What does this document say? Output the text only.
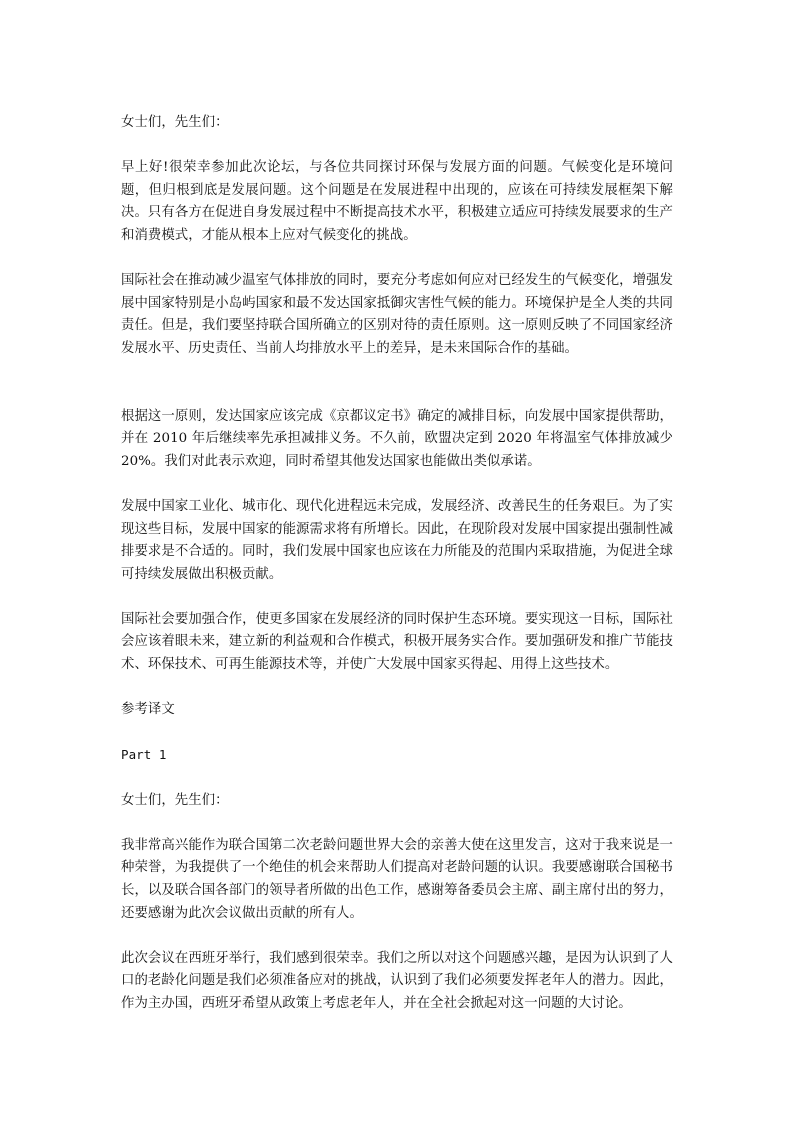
女士们，先生们：

早上好!很荣幸参加此次论坛，与各位共同探讨环保与发展方面的问题。气候变化是环境问题，但归根到底是发展问题。这个问题是在发展进程中出现的，应该在可持续发展框架下解决。只有各方在促进自身发展过程中不断提高技术水平，积极建立适应可持续发展要求的生产和消费模式，才能从根本上应对气候变化的挑战。

国际社会在推动减少温室气体排放的同时，要充分考虑如何应对已经发生的气候变化，增强发展中国家特别是小岛屿国家和最不发达国家抵御灾害性气候的能力。环境保护是全人类的共同责任。但是，我们要坚持联合国所确立的区别对待的责任原则。这一原则反映了不同国家经济发展水平、历史责任、当前人均排放水平上的差异，是未来国际合作的基础。

根据这一原则，发达国家应该完成《京都议定书》确定的减排目标，向发展中国家提供帮助，并在 2010 年后继续率先承担减排义务。不久前，欧盟决定到 2020 年将温室气体排放减少 20%。我们对此表示欢迎，同时希望其他发达国家也能做出类似承诺。

发展中国家工业化、城市化、现代化进程远未完成，发展经济、改善民生的任务艰巨。为了实现这些目标，发展中国家的能源需求将有所增长。因此，在现阶段对发展中国家提出强制性减排要求是不合适的。同时，我们发展中国家也应该在力所能及的范围内采取措施，为促进全球可持续发展做出积极贡献。

国际社会要加强合作，使更多国家在发展经济的同时保护生态环境。要实现这一目标，国际社会应该着眼未来，建立新的利益观和合作模式，积极开展务实合作。要加强研发和推广节能技术、环保技术、可再生能源技术等，并使广大发展中国家买得起、用得上这些技术。

参考译文

Part 1

女士们，先生们：

我非常高兴能作为联合国第二次老龄问题世界大会的亲善大使在这里发言，这对于我来说是一种荣誉，为我提供了一个绝佳的机会来帮助人们提高对老龄问题的认识。我要感谢联合国秘书长，以及联合国各部门的领导者所做的出色工作，感谢筹备委员会主席、副主席付出的努力，还要感谢为此次会议做出贡献的所有人。

此次会议在西班牙举行，我们感到很荣幸。我们之所以对这个问题感兴趣，是因为认识到了人口的老龄化问题是我们必须准备应对的挑战，认识到了我们必须要发挥老年人的潜力。因此，作为主办国，西班牙希望从政策上考虑老年人，并在全社会掀起对这一问题的大讨论。
